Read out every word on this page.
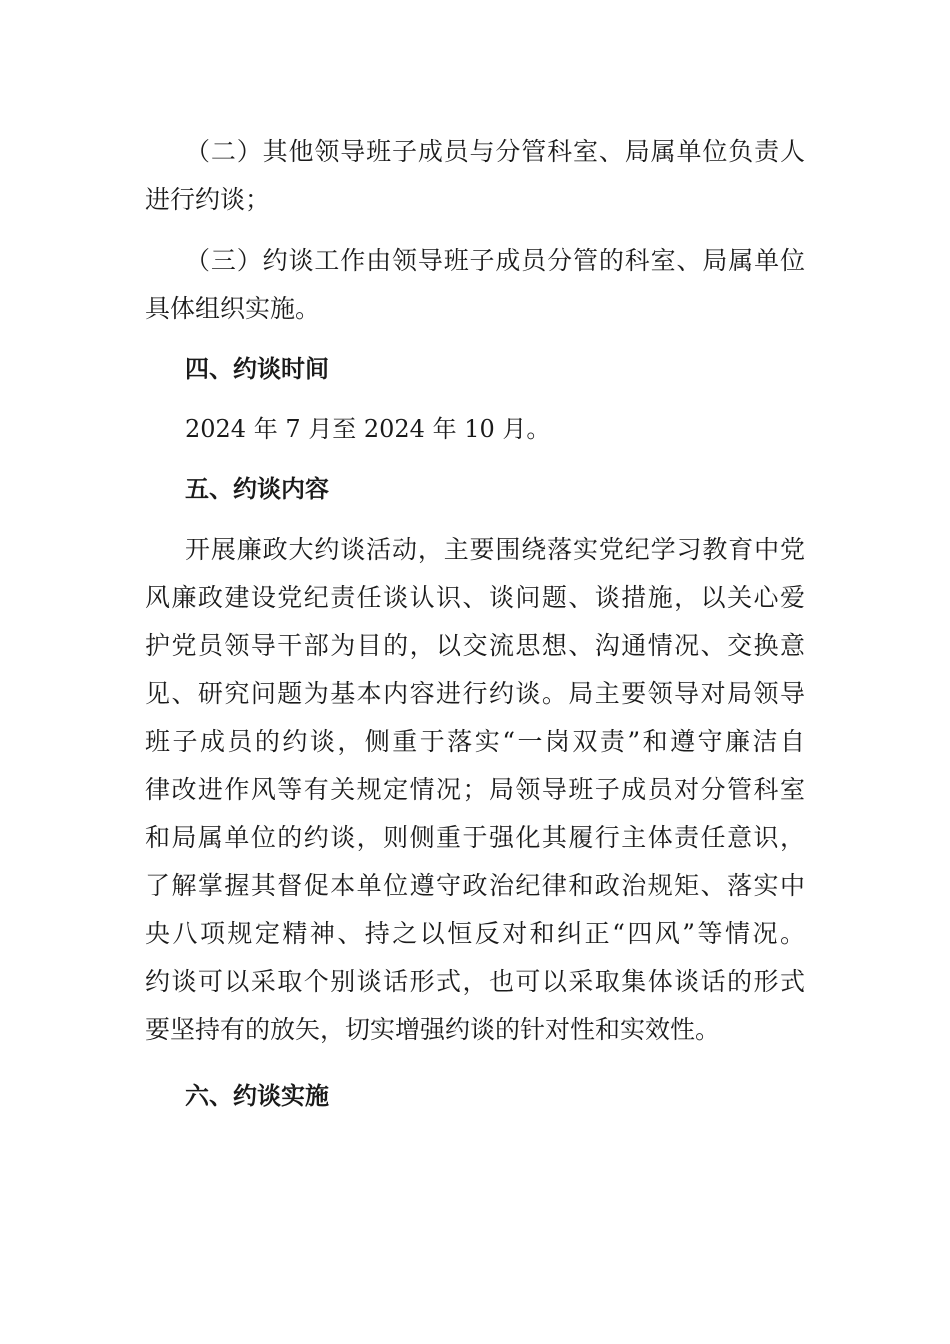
（二）其他领导班子成员与分管科室、局属单位负责人
进行约谈；
（三）约谈工作由领导班子成员分管的科室、局属单位
具体组织实施。
四、约谈时间
2024 年 7 月至 2024 年 10 月。
五、约谈内容
开展廉政大约谈活动，主要围绕落实党纪学习教育中党
风廉政建设党纪责任谈认识、谈问题、谈措施，以关心爱
护党员领导干部为目的，以交流思想、沟通情况、交换意
见、研究问题为基本内容进行约谈。局主要领导对局领导
班子成员的约谈，侧重于落实“一岗双责”和遵守廉洁自
律改进作风等有关规定情况；局领导班子成员对分管科室
和局属单位的约谈，则侧重于强化其履行主体责任意识，
了解掌握其督促本单位遵守政治纪律和政治规矩、落实中
央八项规定精神、持之以恒反对和纠正“四风”等情况。
约谈可以采取个别谈话形式，也可以采取集体谈话的形式
要坚持有的放矢，切实增强约谈的针对性和实效性。
六、约谈实施
